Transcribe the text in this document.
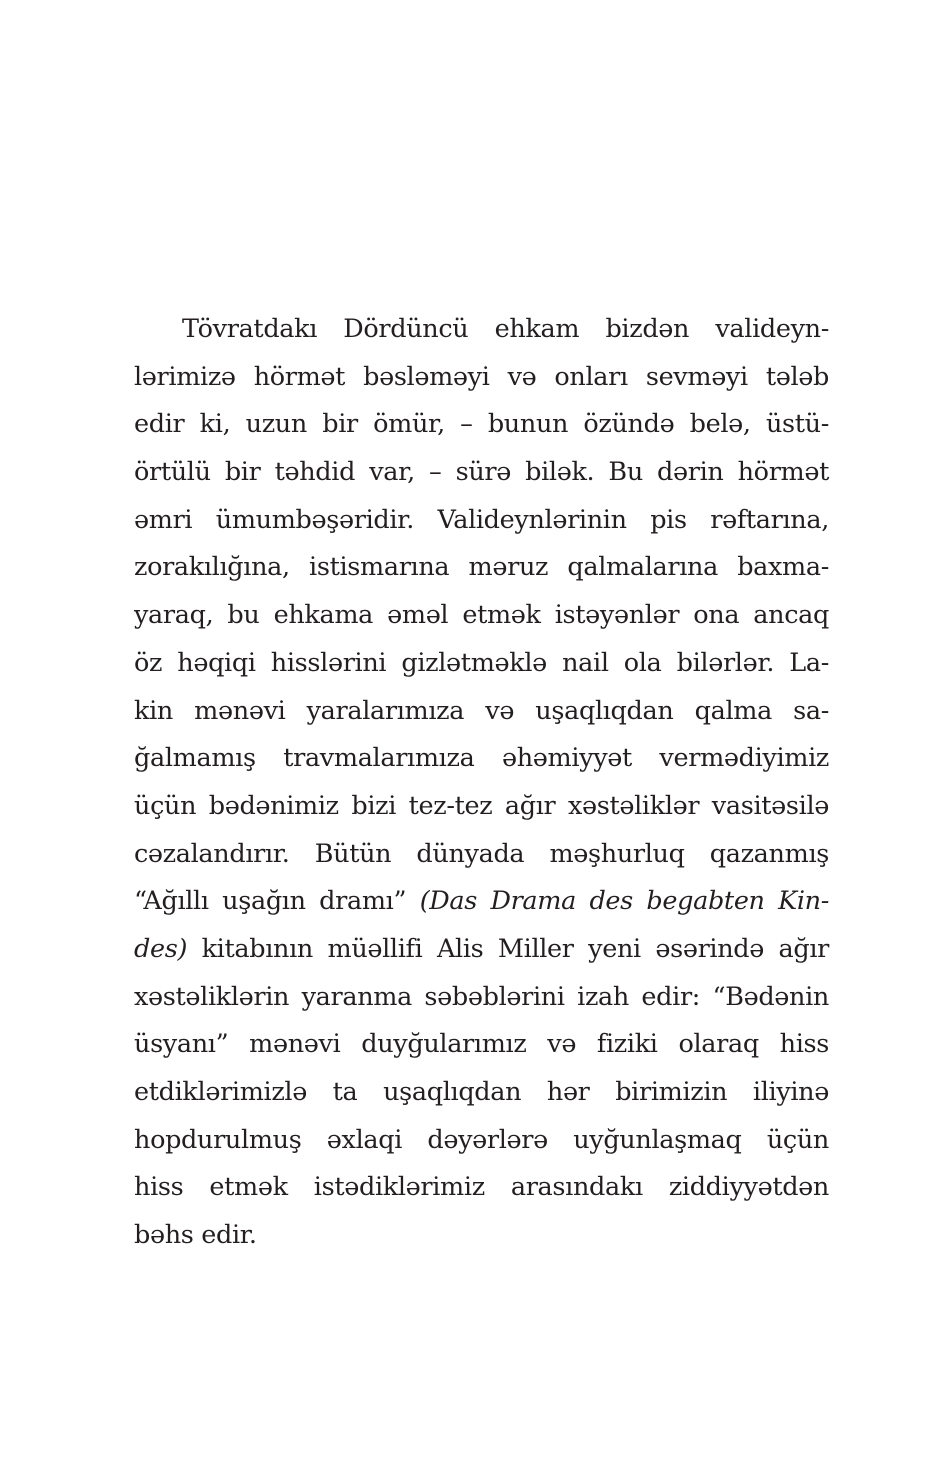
Tövratdakı Dördüncü ehkam bizdən valideyn-
lərimizə hörmət bəsləməyi və onları sevməyi tələb
edir ki, uzun bir ömür, – bunun özündə belə, üstü-
örtülü bir təhdid var, – sürə bilək. Bu dərin hörmət
əmri ümumbəşəridir. Valideynlərinin pis rəftarına,
zorakılığına, istismarına məruz qalmalarına baxma-
yaraq, bu ehkama əməl etmək istəyənlər ona ancaq
öz həqiqi hisslərini gizlətməklə nail ola bilərlər. La-
kin mənəvi yaralarımıza və uşaqlıqdan qalma sa-
ğalmamış travmalarımıza əhəmiyyət vermədiyimiz
üçün bədənimiz bizi tez-tez ağır xəstəliklər vasitəsilə
cəzalandırır. Bütün dünyada məşhurluq qazanmış
“Ağıllı uşağın dramı” (Das Drama des begabten Kin-
des) kitabının müəllifi Alis Miller yeni əsərində ağır
xəstəliklərin yaranma səbəblərini izah edir: “Bədənin
üsyanı” mənəvi duyğularımız və fiziki olaraq hiss
etdiklərimizlə ta uşaqlıqdan hər birimizin iliyinə
hopdurulmuş əxlaqi dəyərlərə uyğunlaşmaq üçün
hiss etmək istədiklərimiz arasındakı ziddiyyətdən
bəhs edir.
